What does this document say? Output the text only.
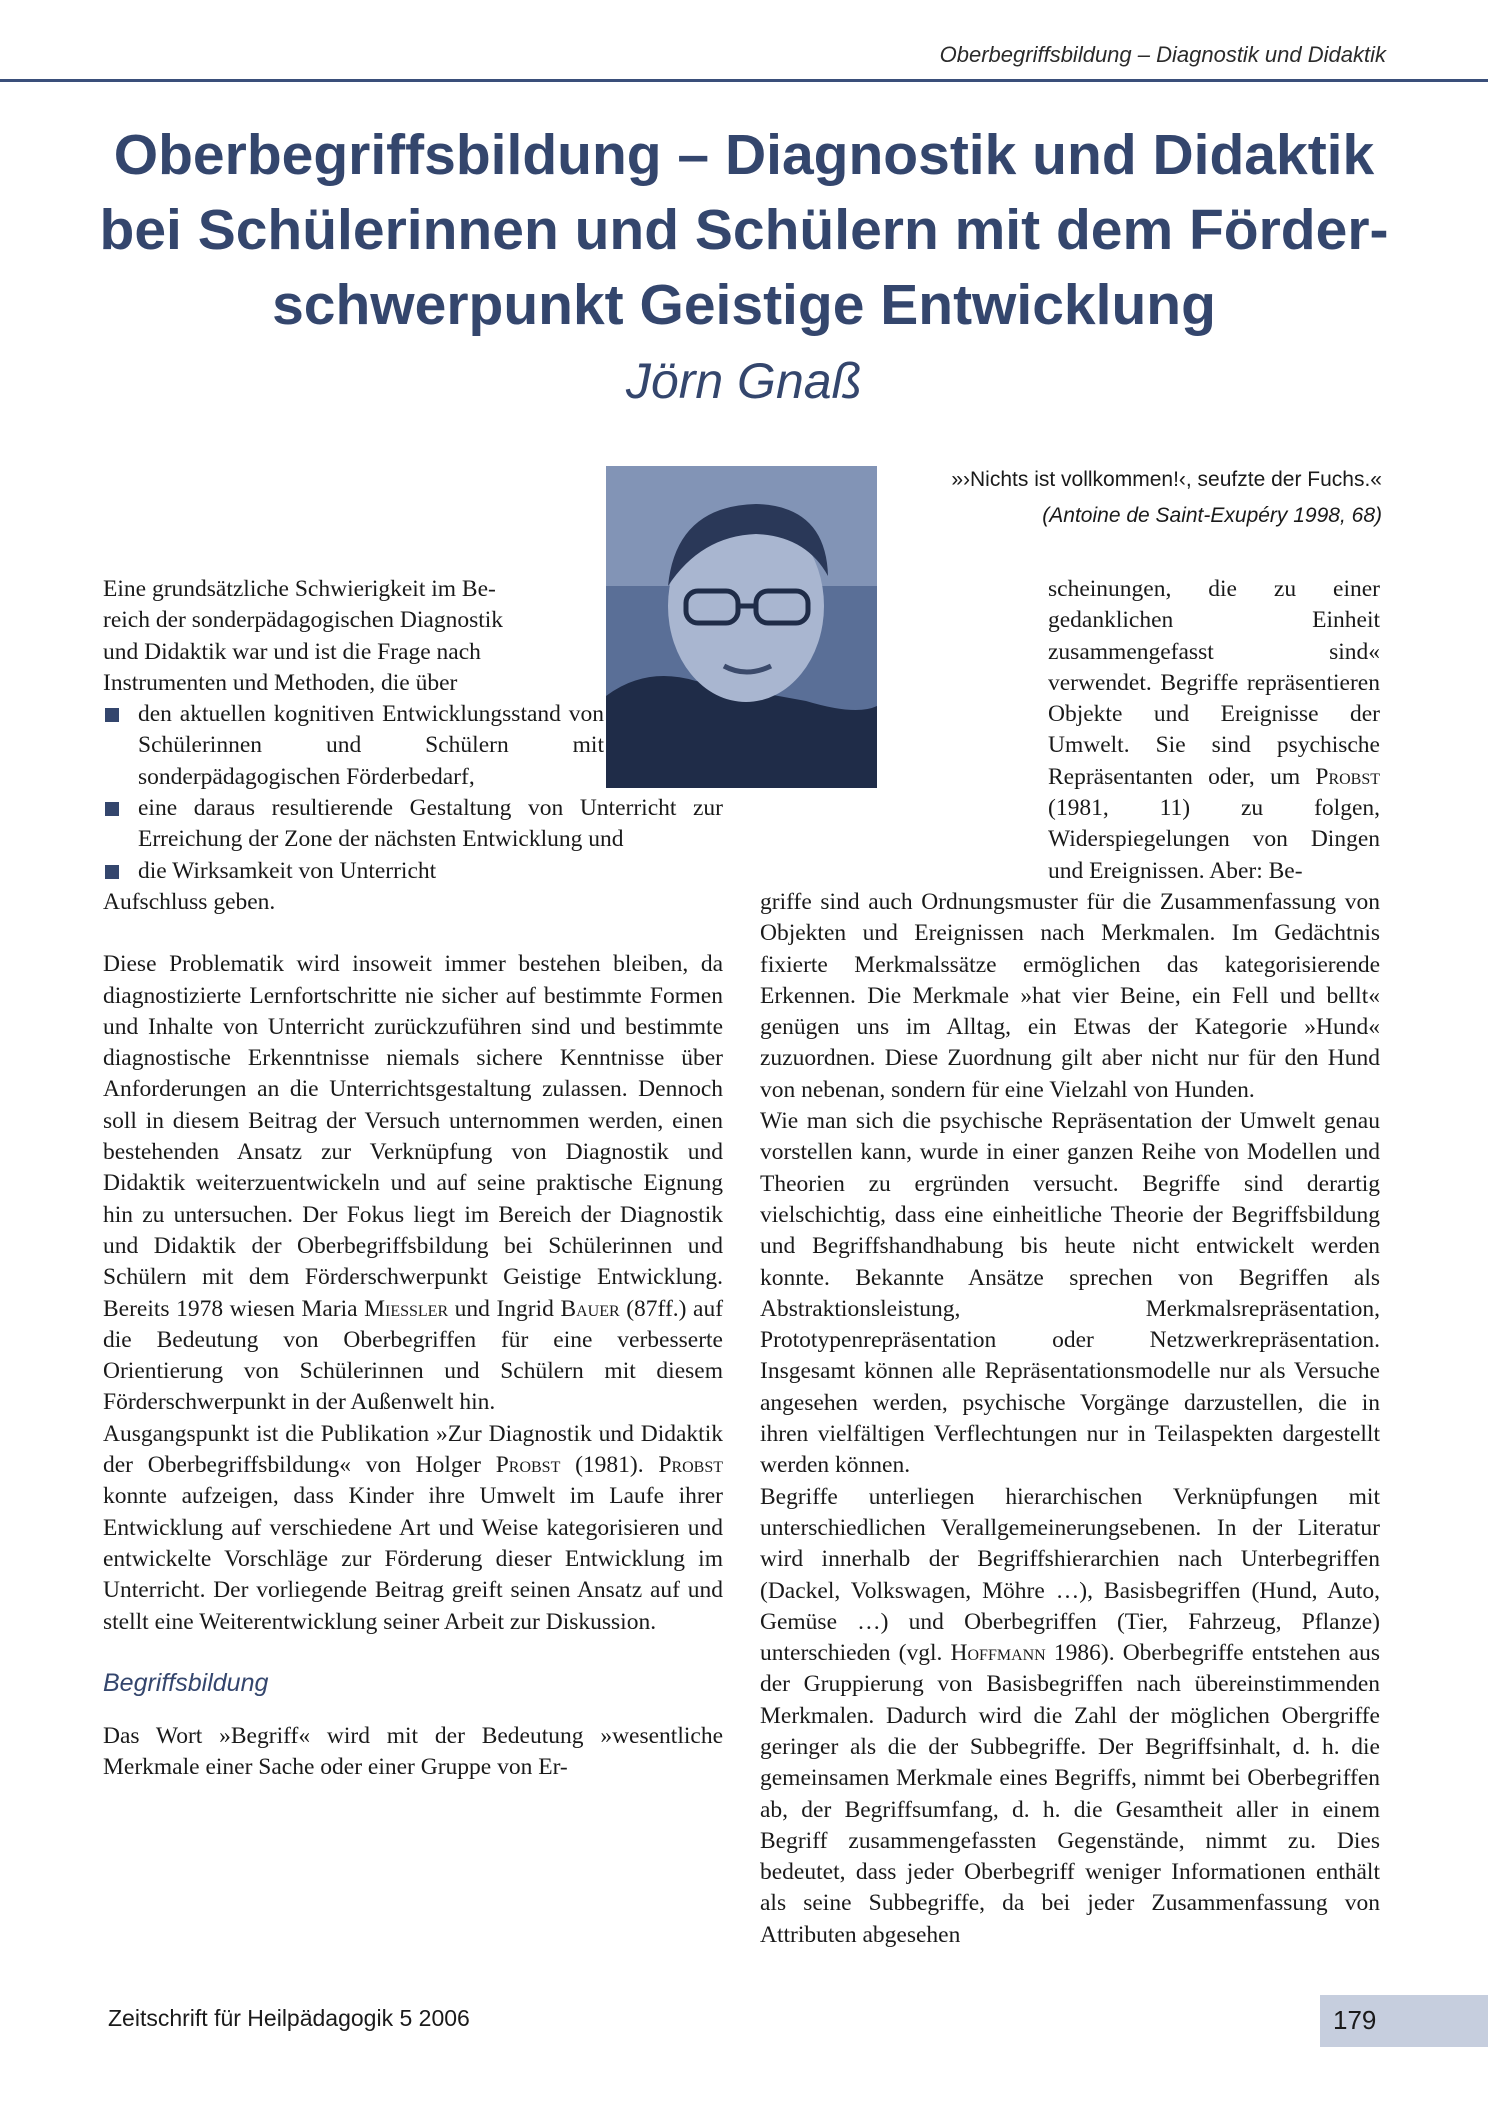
Oberbegriffsbildung – Diagnostik und Didaktik
Oberbegriffsbildung – Diagnostik und Didaktik
bei Schülerinnen und Schülern mit dem Förder-
schwerpunkt Geistige Entwicklung
Jörn Gnaß
»›Nichts ist vollkommen!‹, seufzte der Fuchs.«
(Antoine de Saint-Exupéry 1998, 68)

Eine grundsätzliche Schwierigkeit im Be-
reich der sonderpädagogischen Diagnostik
und Didaktik war und ist die Frage nach
Instrumenten und Methoden, die über

den aktuellen kognitiven Entwicklungsstand von Schülerinnen und Schülern mit sonderpädagogischen Förderbedarf,
eine daraus resultierende Gestaltung von Unterricht zur Erreichung der Zone der nächsten Entwicklung und
die Wirksamkeit von Unterricht

Aufschluss geben.

Diese Problematik wird insoweit immer bestehen bleiben, da diagnostizierte Lernfortschritte nie sicher auf bestimmte Formen und Inhalte von Unterricht zurückzuführen sind und bestimmte diagnostische Erkenntnisse niemals sichere Kenntnisse über Anforderungen an die Unterrichtsgestaltung zulassen. Dennoch soll in diesem Beitrag der Versuch unternommen werden, einen bestehenden Ansatz zur Verknüpfung von Diagnostik und Didaktik weiterzuentwickeln und auf seine praktische Eignung hin zu untersuchen. Der Fokus liegt im Bereich der Diagnostik und Didaktik der Oberbegriffsbildung bei Schülerinnen und Schülern mit dem Förderschwerpunkt Geistige Entwicklung. Bereits 1978 wiesen Maria Miessler und Ingrid Bauer (87ff.) auf die Bedeutung von Oberbegriffen für eine verbesserte Orientierung von Schülerinnen und Schülern mit diesem Förderschwerpunkt in der Außenwelt hin.

Ausgangspunkt ist die Publikation »Zur Diagnostik und Didaktik der Oberbegriffsbildung« von Holger Probst (1981). Probst konnte aufzeigen, dass Kinder ihre Umwelt im Laufe ihrer Entwicklung auf verschiedene Art und Weise kategorisieren und entwickelte Vorschläge zur Förderung dieser Entwicklung im Unterricht. Der vorliegende Beitrag greift seinen Ansatz auf und stellt eine Weiterentwicklung seiner Arbeit zur Diskussion.

Begriffsbildung

Das Wort »Begriff« wird mit der Bedeutung »wesentliche Merkmale einer Sache oder einer Gruppe von Er-

scheinungen, die zu einer gedanklichen Einheit zusammengefasst sind« verwendet. Begriffe repräsentieren Objekte und Ereignisse der Umwelt. Sie sind psychische Repräsentanten oder, um Probst (1981, 11) zu folgen, Widerspiegelungen von Dingen und Ereignissen. Aber: Be-

griffe sind auch Ordnungsmuster für die Zusammenfassung von Objekten und Ereignissen nach Merkmalen. Im Gedächtnis fixierte Merkmalssätze ermöglichen das kategorisierende Erkennen. Die Merkmale »hat vier Beine, ein Fell und bellt« genügen uns im Alltag, ein Etwas der Kategorie »Hund« zuzuordnen. Diese Zuordnung gilt aber nicht nur für den Hund von nebenan, sondern für eine Vielzahl von Hunden.

Wie man sich die psychische Repräsentation der Umwelt genau vorstellen kann, wurde in einer ganzen Reihe von Modellen und Theorien zu ergründen versucht. Begriffe sind derartig vielschichtig, dass eine einheitliche Theorie der Begriffsbildung und Begriffshandhabung bis heute nicht entwickelt werden konnte. Bekannte Ansätze sprechen von Begriffen als Abstraktionsleistung, Merkmalsrepräsentation, Prototypenrepräsentation oder Netzwerkrepräsentation. Insgesamt können alle Repräsentationsmodelle nur als Versuche angesehen werden, psychische Vorgänge darzustellen, die in ihren vielfältigen Verflechtungen nur in Teilaspekten dargestellt werden können.

Begriffe unterliegen hierarchischen Verknüpfungen mit unterschiedlichen Verallgemeinerungsebenen. In der Literatur wird innerhalb der Begriffshierarchien nach Unterbegriffen (Dackel, Volkswagen, Möhre …), Basisbegriffen (Hund, Auto, Gemüse …) und Oberbegriffen (Tier, Fahrzeug, Pflanze) unterschieden (vgl. Hoffmann 1986). Oberbegriffe entstehen aus der Gruppierung von Basisbegriffen nach übereinstimmenden Merkmalen. Dadurch wird die Zahl der möglichen Obergriffe geringer als die der Subbegriffe. Der Begriffsinhalt, d. h. die gemeinsamen Merkmale eines Begriffs, nimmt bei Oberbegriffen ab, der Begriffsumfang, d. h. die Gesamtheit aller in einem Begriff zusammengefassten Gegenstände, nimmt zu. Dies bedeutet, dass jeder Oberbegriff weniger Informationen enthält als seine Subbegriffe, da bei jeder Zusammenfassung von Attributen abgesehen

Zeitschrift für Heilpädagogik 5 2006	179
